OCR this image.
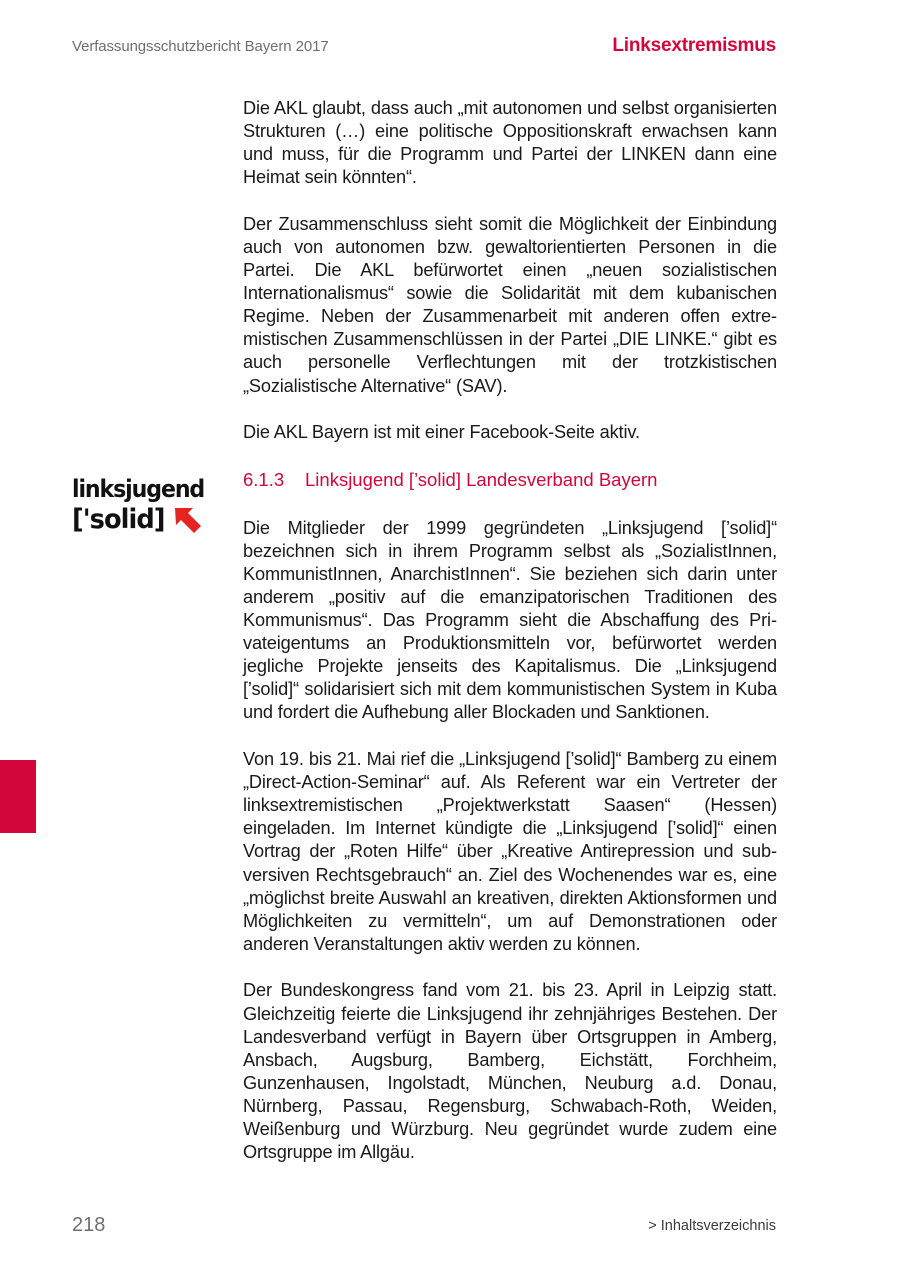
Verfassungsschutzbericht Bayern 2017	Linksextremismus
linksjugend
['solid]

Die AKL glaubt, dass auch „mit autonomen und selbst organisierten Strukturen (…) eine politische Oppositionskraft erwachsen kann und muss, für die Programm und Partei der LINKEN dann eine Heimat sein könnten“.

Der Zusammenschluss sieht somit die Möglichkeit der Einbindung auch von autonomen bzw. gewaltorientierten Personen in die Partei. Die AKL befürwortet einen „neuen sozialistischen Internationalismus“ sowie die Solidarität mit dem kubanischen Regime. Neben der Zusammenarbeit mit anderen offen extremistischen Zusammenschlüssen in der Partei „DIE LINKE.“ gibt es auch personelle Verflechtungen mit der trotzkistischen „Sozialistische Alternative“ (SAV).

Die AKL Bayern ist mit einer Facebook-Seite aktiv.

6.1.3	Linksjugend [’solid] Landesverband Bayern

Die Mitglieder der 1999 gegründeten „Linksjugend [’solid]“ bezeichnen sich in ihrem Programm selbst als „SozialistInnen, KommunistInnen, AnarchistInnen“. Sie beziehen sich darin unter anderem „positiv auf die emanzipatorischen Traditionen des Kommunismus“. Das Programm sieht die Abschaffung des Privateigentums an Produktionsmitteln vor, befürwortet werden jegliche Projekte jenseits des Kapitalismus. Die „Linksjugend [’solid]“ solidarisiert sich mit dem kommunistischen System in Kuba und fordert die Aufhebung aller Blockaden und Sanktionen.

Von 19. bis 21. Mai rief die „Linksjugend [’solid]“ Bamberg zu einem „Direct-Action-Seminar“ auf. Als Referent war ein Vertreter der linksextremistischen „Projektwerkstatt Saasen“ (Hessen) eingeladen. Im Internet kündigte die „Linksjugend [’solid]“ einen Vortrag der „Roten Hilfe“ über „Kreative Antirepression und subversiven Rechtsgebrauch“ an. Ziel des Wochenendes war es, eine „möglichst breite Auswahl an kreativen, direkten Aktionsformen und Möglichkeiten zu vermitteln“, um auf Demonstrationen oder anderen Veranstaltungen aktiv werden zu können.

Der Bundeskongress fand vom 21. bis 23. April in Leipzig statt. Gleichzeitig feierte die Linksjugend ihr zehnjähriges Bestehen. Der Landesverband verfügt in Bayern über Ortsgruppen in Amberg, Ansbach, Augsburg, Bamberg, Eichstätt, Forchheim, Gunzenhausen, Ingolstadt, München, Neuburg a.d. Donau, Nürnberg, Passau, Regensburg, Schwabach-Roth, Weiden, Weißenburg und Würzburg. Neu gegründet wurde zudem eine Ortsgruppe im Allgäu.

218	> Inhaltsverzeichnis
